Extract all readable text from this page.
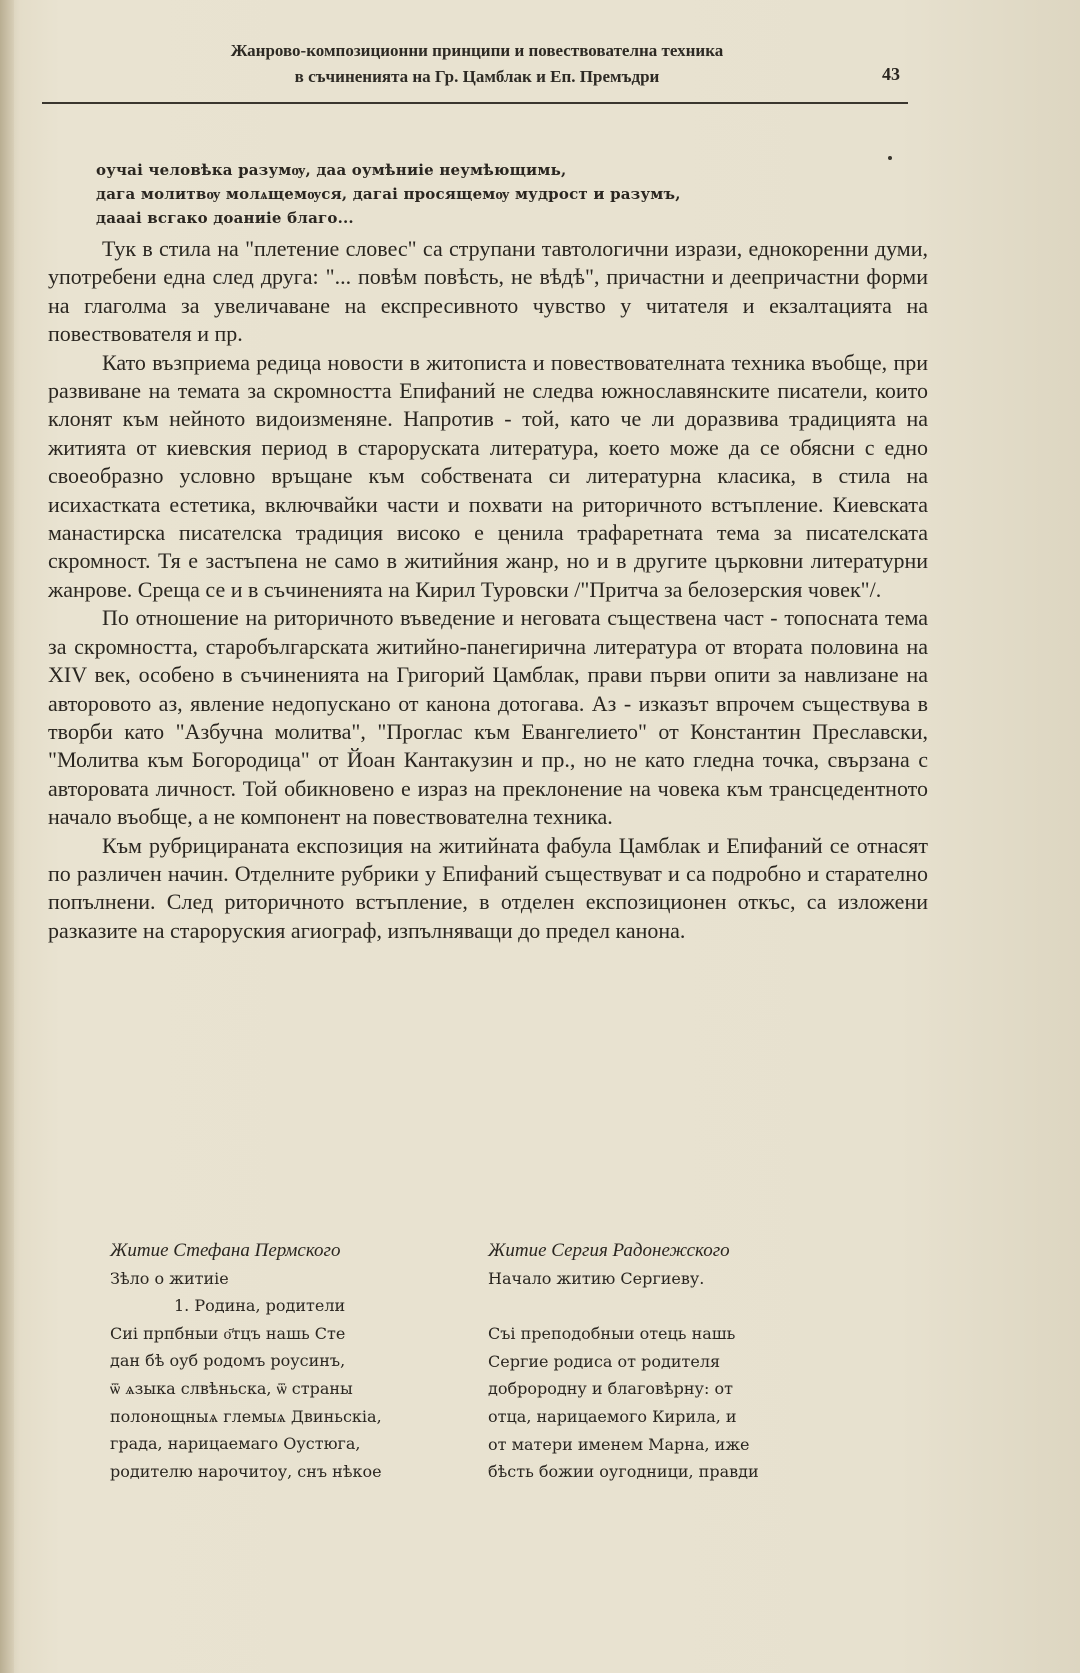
Жанрово-композиционни принципи и повествователна техника
в съчиненията на Гр. Цамблак и Еп. Премъдри	43
оучаі человѣка разумѹ, даа оумѣниіе неумѣющимь,
дага молитвѹ молѧщемѹся, дагаі просящемѹ мудрост и разумъ,
даааі всгако доаниіе благо...

Тук в стила на "плетение словес" са струпани тавтологични изрази, еднокоренни думи, употребени една след друга: "... повѣм повѣсть, не вѣдѣ", причастни и деепричастни форми на глаголма за увеличаване на експресивното чувство у читателя и екзалтацията на повествователя и пр.

Като възприема редица новости в житописта и повествователната техника въобще, при развиване на темата за скромността Епифаний не следва южнославянските писатели, които клонят към нейното видоизменяне. Напротив - той, като че ли доразвива традицията на житията от киевския период в староруската литература, което може да се обясни с едно своеобразно условно връщане към собствената си литературна класика, в стила на исихастката естетика, включвайки части и похвати на риторичното встъпление. Киевската манастирска писателска традиция високо е ценила трафаретната тема за писателската скромност. Тя е застъпена не само в житийния жанр, но и в другите църковни литературни жанрове. Среща се и в съчиненията на Кирил Туровски /"Притча за белозерския човек"/.

По отношение на риторичното въведение и неговата съществена част - топосната тема за скромността, старобългарската житийно-панегирична литература от втората половина на XIV век, особено в съчиненията на Григорий Цамблак, прави първи опити за навлизане на авторовото аз, явление недопускано от канона дотогава. Аз - изказът впрочем съществува в творби като "Азбучна молитва", "Проглас към Евангелието" от Константин Преславски, "Молитва към Богородица" от Йоан Кантакузин и пр., но не като гледна точка, свързана с авторовата личност. Той обикновено е израз на преклонение на човека към трансцедентното начало въобще, а не компонент на повествователна техника.

Към рубрицираната експозиция на житийната фабула Цамблак и Епифаний се отнасят по различен начин. Отделните рубрики у Епифаний съществуват и са подробно и старателно попълнени. След риторичното встъпление, в отделен експозиционен откъс, са изложени разказите на староруския агиограф, изпълняващи до предел канона.

Житие Стефана Пермского
Зѣло о житиіе
1. Родина, родители
Сиі прпбныи о҃тцъ нашь Сте
дан бѣ оуб родомъ роусинъ,
ѿ ѧзыка слвѣньска, ѿ страны
полонощныѧ глемыѧ Двиньскіа,
града, нарицаемаго Оустюга,
родителю нарочитоу, снъ нѣкое
Житие Сергия Радонежского
Начало житию Сергиеву.
Съі преподобныи отець нашь
Сергие родиса от родителя
доброродну и благовѣрну: от
отца, нарицаемого Кирила, и
от матери именем Марна, иже
бѣсть божии оугодници, правди
